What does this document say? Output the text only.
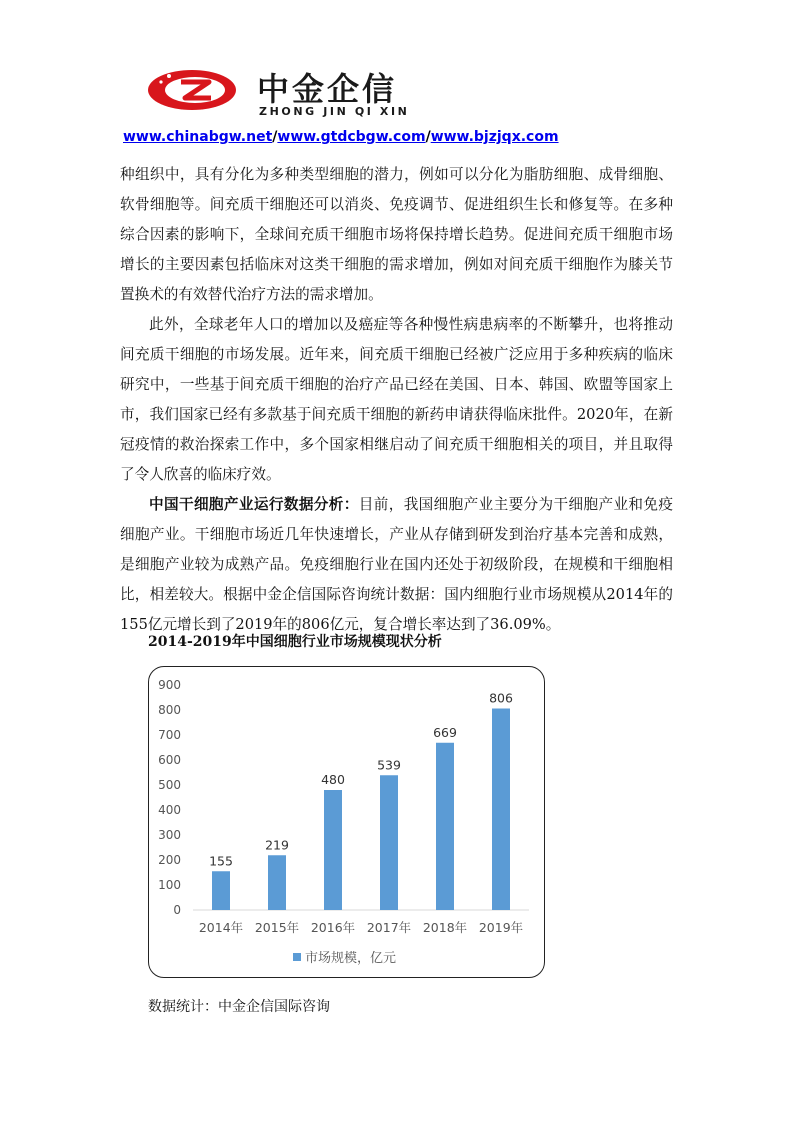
中金企信
ZHONG JIN QI XIN
www.chinabgw.net/www.gtdcbgw.com/www.bjzjqx.com

种组织中，具有分化为多种类型细胞的潜力，例如可以分化为脂肪细胞、成骨细胞、软骨细胞等。间充质干细胞还可以消炎、免疫调节、促进组织生长和修复等。在多种综合因素的影响下，全球间充质干细胞市场将保持增长趋势。促进间充质干细胞市场增长的主要因素包括临床对这类干细胞的需求增加，例如对间充质干细胞作为膝关节置换术的有效替代治疗方法的需求增加。

此外，全球老年人口的增加以及癌症等各种慢性病患病率的不断攀升，也将推动间充质干细胞的市场发展。近年来，间充质干细胞已经被广泛应用于多种疾病的临床研究中，一些基于间充质干细胞的治疗产品已经在美国、日本、韩国、欧盟等国家上市，我们国家已经有多款基于间充质干细胞的新药申请获得临床批件。2020年，在新冠疫情的救治探索工作中，多个国家相继启动了间充质干细胞相关的项目，并且取得了令人欣喜的临床疗效。

中国干细胞产业运行数据分析：目前，我国细胞产业主要分为干细胞产业和免疫细胞产业。干细胞市场近几年快速增长，产业从存储到研发到治疗基本完善和成熟，是细胞产业较为成熟产品。免疫细胞行业在国内还处于初级阶段，在规模和干细胞相比，相差较大。根据中金企信国际咨询统计数据：国内细胞行业市场规模从2014年的155亿元增长到了2019年的806亿元，复合增长率达到了36.09%。

2014-2019年中国细胞行业市场规模现状分析
0
100
200
300
400
500
600
700
800
900
155
2014年
219
2015年
480
2016年
539
2017年
669
2018年
806
2019年
市场规模，亿元
数据统计：中金企信国际咨询
